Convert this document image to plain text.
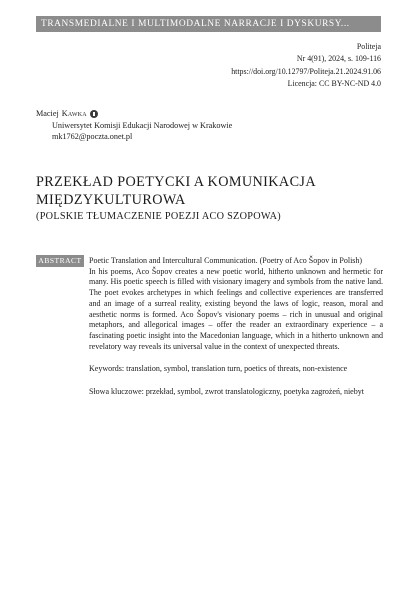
TRANSMEDIALNE I MULTIMODALNE NARRACJE I DYSKURSY...
Politeja
Nr 4(91), 2024, s. 109-116
https://doi.org/10.12797/Politeja.21.2024.91.06
Licencja: CC BY-NC-ND 4.0
Maciej Kawka
Uniwersytet Komisji Edukacji Narodowej w Krakowie
mk1762@poczta.onet.pl
PRZEKŁAD POETYCKI A KOMUNIKACJA
MIĘDZYKULTUROWA
(POLSKIE TŁUMACZENIE POEZJI ACO SZOPOWA)
ABSTRACT Poetic Translation and Intercultural Communication. (Poetry of Aco Šopov in Polish)

In his poems, Aco Šopov creates a new poetic world, hitherto unknown and hermetic for many. His poetic speech is filled with visionary imagery and symbols from the native land. The poet evokes archetypes in which feelings and collective experiences are transferred and an image of a surreal reality, existing beyond the laws of logic, reason, moral and aesthetic norms is formed. Aco Šopov's visionary poems – rich in unusual and original metaphors, and allegorical images – offer the reader an extraordinary experience – a fascinating poetic insight into the Macedonian language, which in a hitherto unknown and revelatory way reveals its universal value in the context of unexpected threats.

Keywords: translation, symbol, translation turn, poetics of threats, non-existence

Słowa kluczowe: przekład, symbol, zwrot translatologiczny, poetyka zagrożeń, niebyt
